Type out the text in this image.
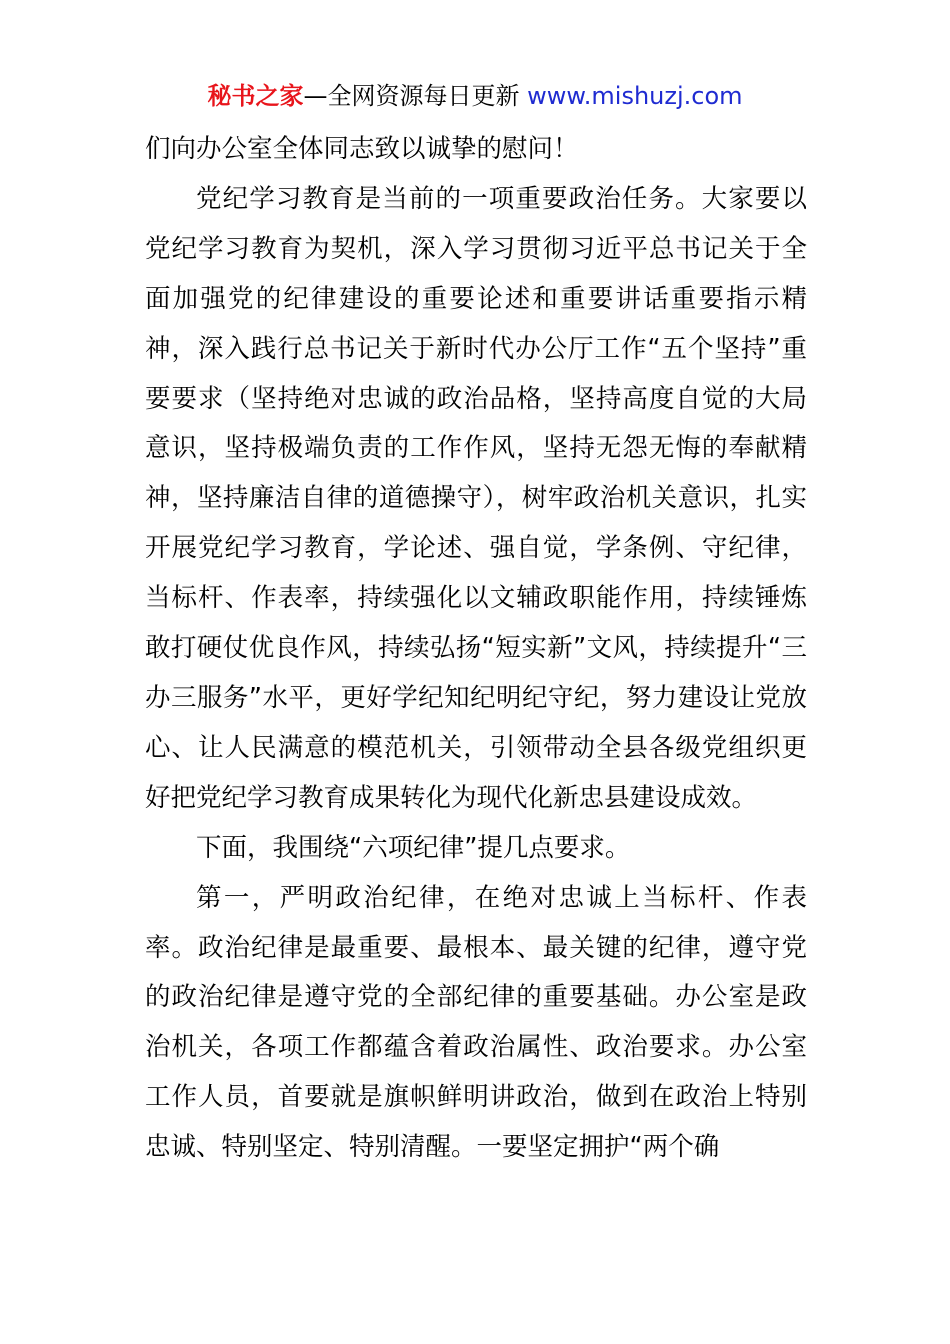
秘书之家—全网资源每日更新 www.mishuzj.com

们向办公室全体同志致以诚挚的慰问！

党纪学习教育是当前的一项重要政治任务。大家要以党纪学习教育为契机，深入学习贯彻习近平总书记关于全面加强党的纪律建设的重要论述和重要讲话重要指示精神，深入践行总书记关于新时代办公厅工作“五个坚持”重要要求（坚持绝对忠诚的政治品格，坚持高度自觉的大局意识，坚持极端负责的工作作风，坚持无怨无悔的奉献精神，坚持廉洁自律的道德操守），树牢政治机关意识，扎实开展党纪学习教育，学论述、强自觉，学条例、守纪律，当标杆、作表率，持续强化以文辅政职能作用，持续锤炼敢打硬仗优良作风，持续弘扬“短实新”文风，持续提升“三办三服务”水平，更好学纪知纪明纪守纪，努力建设让党放心、让人民满意的模范机关，引领带动全县各级党组织更好把党纪学习教育成果转化为现代化新忠县建设成效。

下面，我围绕“六项纪律”提几点要求。

第一，严明政治纪律，在绝对忠诚上当标杆、作表率。政治纪律是最重要、最根本、最关键的纪律，遵守党的政治纪律是遵守党的全部纪律的重要基础。办公室是政治机关，各项工作都蕴含着政治属性、政治要求。办公室工作人员，首要就是旗帜鲜明讲政治，做到在政治上特别忠诚、特别坚定、特别清醒。一要坚定拥护“两个确
